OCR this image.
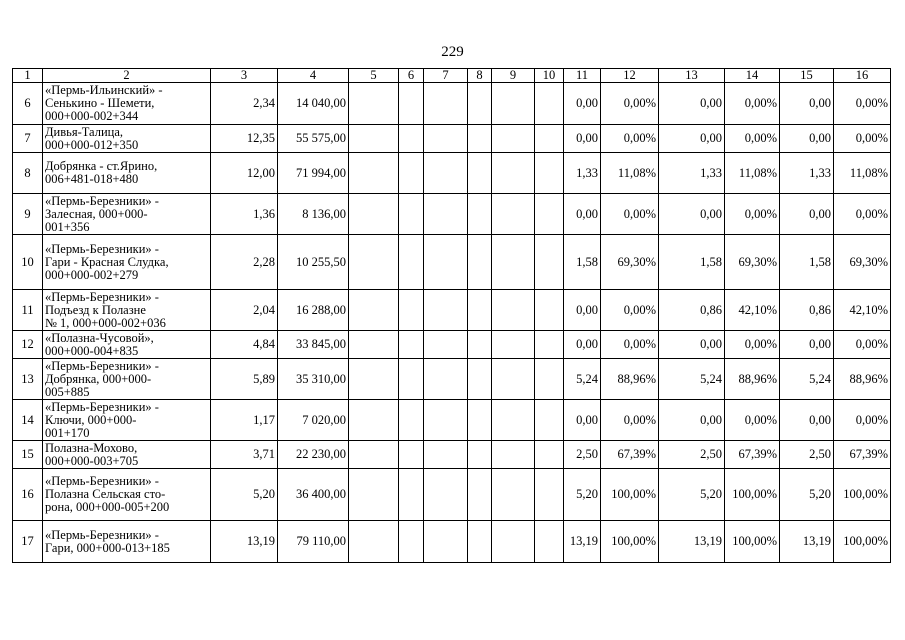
229
1	2	3	4	5	6	7	8	9	10	11	12	13	14	15	16
6	«Пермь-Ильинский» -
Сенькино - Шемети,
000+000-002+344	2,34	14 040,00							0,00	0,00%	0,00	0,00%	0,00	0,00%
7	Дивья-Талица,
000+000-012+350	12,35	55 575,00							0,00	0,00%	0,00	0,00%	0,00	0,00%
8	Добрянка - ст.Ярино,
006+481-018+480	12,00	71 994,00							1,33	11,08%	1,33	11,08%	1,33	11,08%
9	«Пермь-Березники» -
Залесная, 000+000-
001+356	1,36	8 136,00							0,00	0,00%	0,00	0,00%	0,00	0,00%
10	«Пермь-Березники» -
Гари - Красная Слудка,
000+000-002+279	2,28	10 255,50							1,58	69,30%	1,58	69,30%	1,58	69,30%
11	«Пермь-Березники» -
Подъезд к Полазне
№ 1, 000+000-002+036	2,04	16 288,00							0,00	0,00%	0,86	42,10%	0,86	42,10%
12	«Полазна-Чусовой»,
000+000-004+835	4,84	33 845,00							0,00	0,00%	0,00	0,00%	0,00	0,00%
13	«Пермь-Березники» -
Добрянка, 000+000-
005+885	5,89	35 310,00							5,24	88,96%	5,24	88,96%	5,24	88,96%
14	«Пермь-Березники» -
Ключи, 000+000-
001+170	1,17	7 020,00							0,00	0,00%	0,00	0,00%	0,00	0,00%
15	Полазна-Мохово,
000+000-003+705	3,71	22 230,00							2,50	67,39%	2,50	67,39%	2,50	67,39%
16	«Пермь-Березники» -
Полазна Сельская сто-
рона, 000+000-005+200	5,20	36 400,00							5,20	100,00%	5,20	100,00%	5,20	100,00%
17	«Пермь-Березники» -
Гари, 000+000-013+185	13,19	79 110,00							13,19	100,00%	13,19	100,00%	13,19	100,00%
